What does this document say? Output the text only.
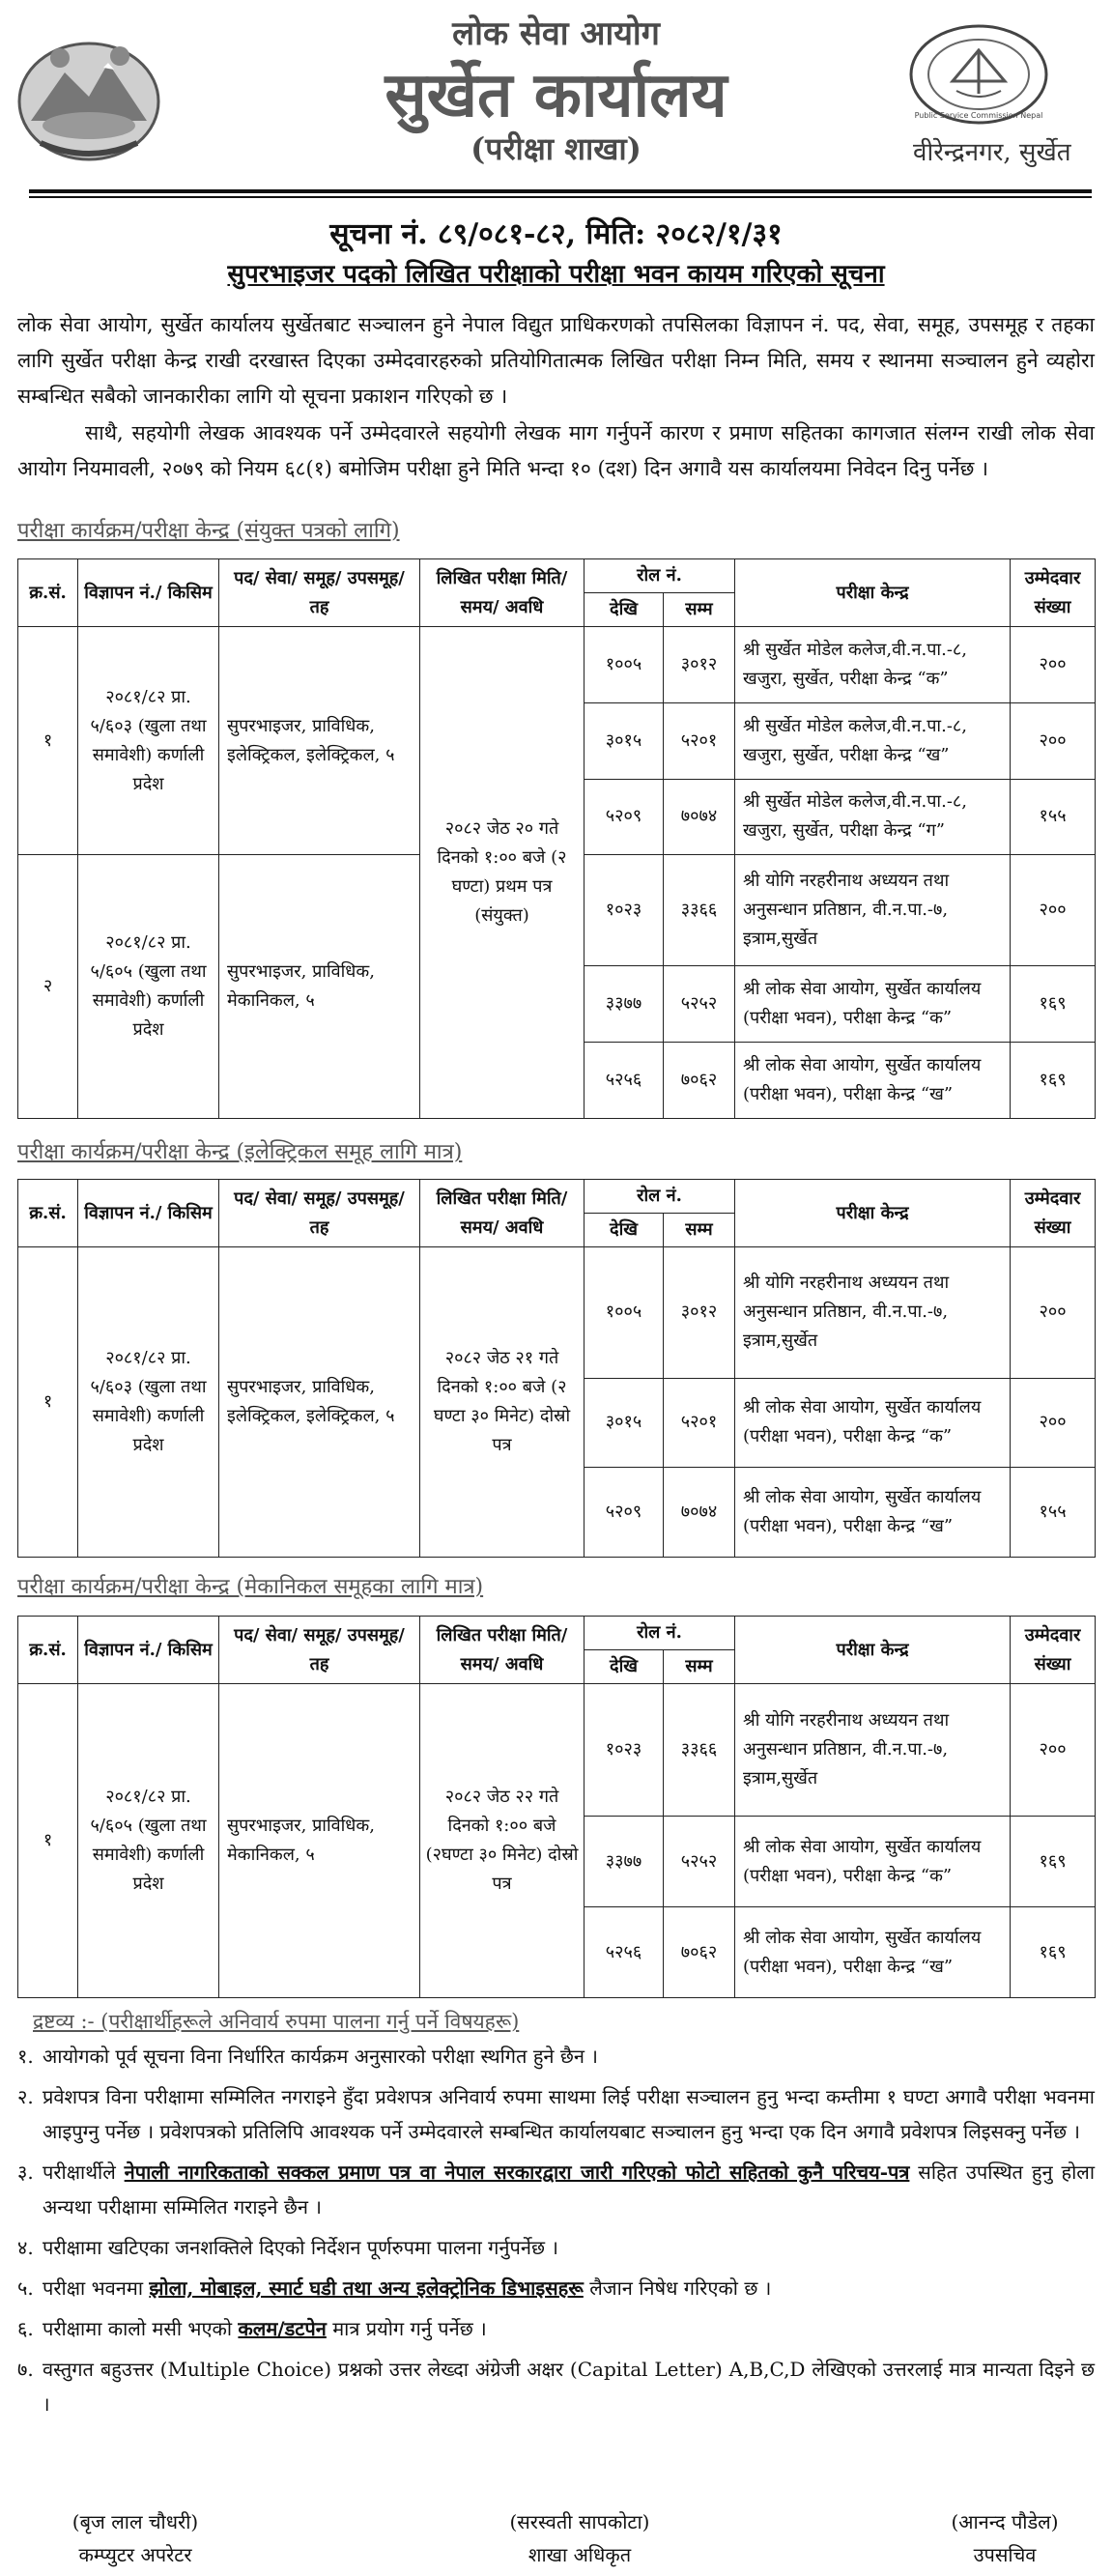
लोक सेवा आयोग
सुर्खेत कार्यालय
(परीक्षा शाखा)
Public Service Commission Nepal
वीरेन्द्रनगर, सुर्खेत
सूचना नं. ८९/०८१-८२, मिति: २०८२/१/३१
सुपरभाइजर पदको लिखित परीक्षाको परीक्षा भवन कायम गरिएको सूचना
लोक सेवा आयोग, सुर्खेत कार्यालय सुर्खेतबाट सञ्चालन हुने नेपाल विद्युत प्राधिकरणको तपसिलका विज्ञापन नं. पद, सेवा, समूह, उपसमूह र तहका लागि सुर्खेत परीक्षा केन्द्र राखी दरखास्त दिएका उम्मेदवारहरुको प्रतियोगितात्मक लिखित परीक्षा निम्न मिति, समय र स्थानमा सञ्चालन हुने व्यहोरा सम्बन्धित सबैको जानकारीका लागि यो सूचना प्रकाशन गरिएको छ ।
साथै, सहयोगी लेखक आवश्यक पर्ने उम्मेदवारले सहयोगी लेखक माग गर्नुपर्ने कारण र प्रमाण सहितका कागजात संलग्न राखी लोक सेवा आयोग नियमावली, २०७९ को नियम ६८(१) बमोजिम परीक्षा हुने मिति भन्दा १० (दश) दिन अगावै यस कार्यालयमा निवेदन दिनु पर्नेछ ।
परीक्षा कार्यक्रम/परीक्षा केन्द्र (संयुक्त पत्रको लागि)
क्र.सं.	विज्ञापन नं./ किसिम	पद/ सेवा/ समूह/ उपसमूह/ तह	लिखित परीक्षा मिति/ समय/ अवधि	रोल नं.		परीक्षा केन्द्र	उम्मेदवार संख्या
				देखि	सम्म		
१	२०८१/८२ प्रा. ५/६०३ (खुला तथा समावेशी) कर्णाली प्रदेश	सुपरभाइजर, प्राविधिक, इलेक्ट्रिकल, इलेक्ट्रिकल, ५	२०८२ जेठ २० गते दिनको १:०० बजे (२ घण्टा) प्रथम पत्र (संयुक्त)	१००५	३०१२	श्री सुर्खेत मोडेल कलेज,वी.न.पा.-८, खजुरा, सुर्खेत, परीक्षा केन्द्र “क”	२००
				३०१५	५२०१	श्री सुर्खेत मोडेल कलेज,वी.न.पा.-८, खजुरा, सुर्खेत, परीक्षा केन्द्र “ख”	२००
				५२०९	७०७४	श्री सुर्खेत मोडेल कलेज,वी.न.पा.-८, खजुरा, सुर्खेत, परीक्षा केन्द्र “ग”	१५५
२	२०८१/८२ प्रा. ५/६०५ (खुला तथा समावेशी) कर्णाली प्रदेश	सुपरभाइजर, प्राविधिक, मेकानिकल, ५		१०२३	३३६६	श्री योगि नरहरीनाथ अध्ययन तथा अनुसन्धान प्रतिष्ठान, वी.न.पा.-७, इत्राम,सुर्खेत	२००
				३३७७	५२५२	श्री लोक सेवा आयोग, सुर्खेत कार्यालय (परीक्षा भवन), परीक्षा केन्द्र “क”	१६९
				५२५६	७०६२	श्री लोक सेवा आयोग, सुर्खेत कार्यालय (परीक्षा भवन), परीक्षा केन्द्र “ख”	१६९
परीक्षा कार्यक्रम/परीक्षा केन्द्र (इलेक्ट्रिकल समूह लागि मात्र)
क्र.सं.	विज्ञापन नं./ किसिम	पद/ सेवा/ समूह/ उपसमूह/ तह	लिखित परीक्षा मिति/ समय/ अवधि	रोल नं.		परीक्षा केन्द्र	उम्मेदवार संख्या
				देखि	सम्म		
१	२०८१/८२ प्रा. ५/६०३ (खुला तथा समावेशी) कर्णाली प्रदेश	सुपरभाइजर, प्राविधिक, इलेक्ट्रिकल, इलेक्ट्रिकल, ५	२०८२ जेठ २१ गते दिनको १:०० बजे (२ घण्टा ३० मिनेट) दोस्रो पत्र	१००५	३०१२	श्री योगि नरहरीनाथ अध्ययन तथा अनुसन्धान प्रतिष्ठान, वी.न.पा.-७, इत्राम,सुर्खेत	२००
				३०१५	५२०१	श्री लोक सेवा आयोग, सुर्खेत कार्यालय (परीक्षा भवन), परीक्षा केन्द्र “क”	२००
				५२०९	७०७४	श्री लोक सेवा आयोग, सुर्खेत कार्यालय (परीक्षा भवन), परीक्षा केन्द्र “ख”	१५५
परीक्षा कार्यक्रम/परीक्षा केन्द्र (मेकानिकल समूहका लागि मात्र)
क्र.सं.	विज्ञापन नं./ किसिम	पद/ सेवा/ समूह/ उपसमूह/ तह	लिखित परीक्षा मिति/ समय/ अवधि	रोल नं.		परीक्षा केन्द्र	उम्मेदवार संख्या
				देखि	सम्म		
१	२०८१/८२ प्रा. ५/६०५ (खुला तथा समावेशी) कर्णाली प्रदेश	सुपरभाइजर, प्राविधिक, मेकानिकल, ५	२०८२ जेठ २२ गते दिनको १:०० बजे (२घण्टा ३० मिनेट) दोस्रो पत्र	१०२३	३३६६	श्री योगि नरहरीनाथ अध्ययन तथा अनुसन्धान प्रतिष्ठान, वी.न.पा.-७, इत्राम,सुर्खेत	२००
				३३७७	५२५२	श्री लोक सेवा आयोग, सुर्खेत कार्यालय (परीक्षा भवन), परीक्षा केन्द्र “क”	१६९
				५२५६	७०६२	श्री लोक सेवा आयोग, सुर्खेत कार्यालय (परीक्षा भवन), परीक्षा केन्द्र “ख”	१६९
द्रष्टव्य :- (परीक्षार्थीहरूले अनिवार्य रुपमा पालना गर्नु पर्ने विषयहरू)
१. आयोगको पूर्व सूचना विना निर्धारित कार्यक्रम अनुसारको परीक्षा स्थगित हुने छैन ।
२. प्रवेशपत्र विना परीक्षामा सम्मिलित नगराइने हुँदा प्रवेशपत्र अनिवार्य रुपमा साथमा लिई परीक्षा सञ्चालन हुनु भन्दा कम्तीमा १ घण्टा अगावै परीक्षा भवनमा आइपुग्नु पर्नेछ । प्रवेशपत्रको प्रतिलिपि आवश्यक पर्ने उम्मेदवारले सम्बन्धित कार्यालयबाट सञ्चालन हुनु भन्दा एक दिन अगावै प्रवेशपत्र लिइसक्नु पर्नेछ ।
३. परीक्षार्थीले नेपाली नागरिकताको सक्कल प्रमाण पत्र वा नेपाल सरकारद्वारा जारी गरिएको फोटो सहितको कुनै परिचय-पत्र सहित उपस्थित हुनु होला अन्यथा परीक्षामा सम्मिलित गराइने छैन ।
४. परीक्षामा खटिएका जनशक्तिले दिएको निर्देशन पूर्णरुपमा पालना गर्नुपर्नेछ ।
५. परीक्षा भवनमा झोला, मोबाइल, स्मार्ट घडी तथा अन्य इलेक्ट्रोनिक डिभाइसहरू लैजान निषेध गरिएको छ ।
६. परीक्षामा कालो मसी भएको कलम/डटपेन मात्र प्रयोग गर्नु पर्नेछ ।
७. वस्तुगत बहुउत्तर (Multiple Choice) प्रश्नको उत्तर लेख्दा अंग्रेजी अक्षर (Capital Letter) A,B,C,D लेखिएको उत्तरलाई मात्र मान्यता दिइने छ ।
(बृज लाल चौधरी)
कम्प्युटर अपरेटर
(सरस्वती सापकोटा)
शाखा अधिकृत
(आनन्द पौडेल)
उपसचिव
